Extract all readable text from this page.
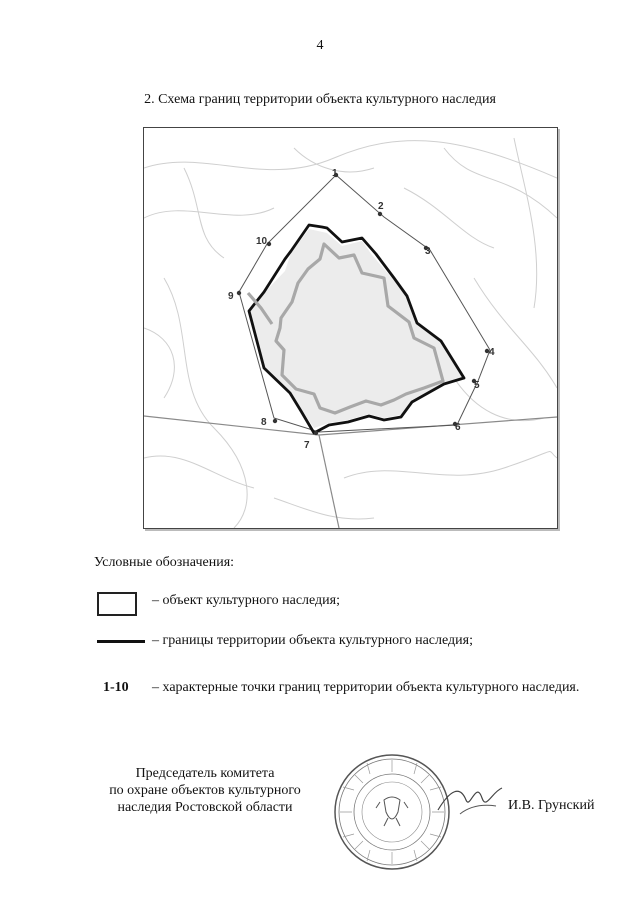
4
2. Схема границ территории объекта культурного наследия
1
2
3
4
5
6
7
8
9
10
Условные обозначения:
– объект культурного наследия;
– границы территории объекта культурного наследия;
1-10 – характерные точки границ территории объекта культурного наследия.
Председатель комитета
по охране объектов культурного
наследия Ростовской области	И.В. Грунский
